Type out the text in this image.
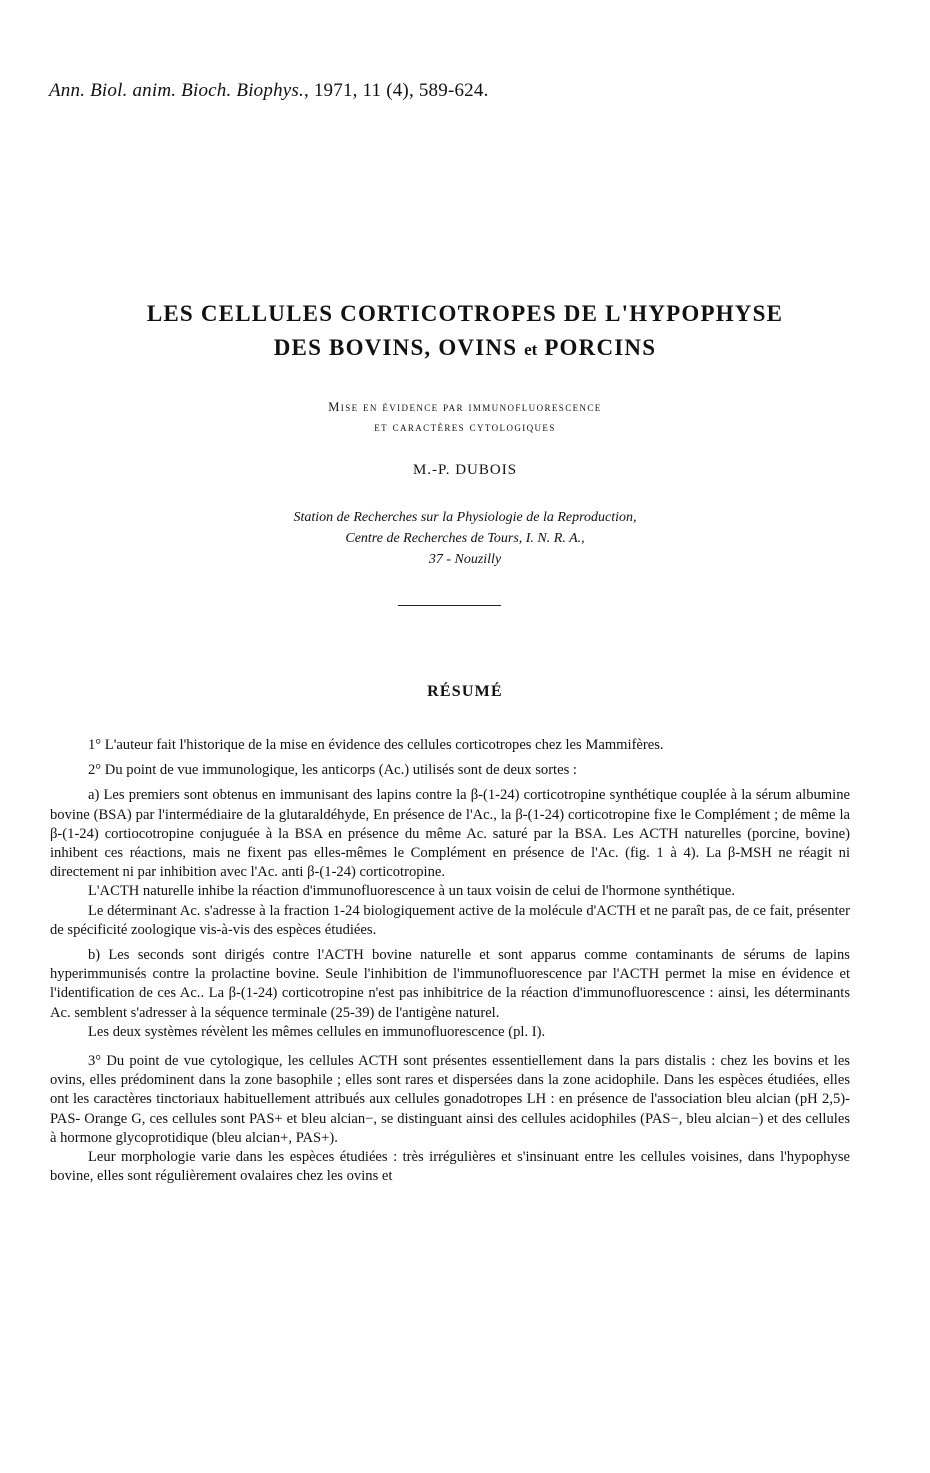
Ann. Biol. anim. Bioch. Biophys., 1971, 11 (4), 589-624.
LES CELLULES CORTICOTROPES DE L'HYPOPHYSE
DES BOVINS, OVINS et PORCINS
Mise en évidence par immunofluorescence
et caractères cytologiques
M.-P. DUBOIS
Station de Recherches sur la Physiologie de la Reproduction,
Centre de Recherches de Tours, I. N. R. A.,
37 - Nouzilly
RÉSUMÉ

1° L'auteur fait l'historique de la mise en évidence des cellules corticotropes chez les Mammifères.

2° Du point de vue immunologique, les anticorps (Ac.) utilisés sont de deux sortes :

a) Les premiers sont obtenus en immunisant des lapins contre la β-(1-24) corticotropine synthétique couplée à la sérum albumine bovine (BSA) par l'intermédiaire de la glutaraldéhyde, En présence de l'Ac., la β-(1-24) corticotropine fixe le Complément ; de même la β-(1-24) cortiocotropine conjuguée à la BSA en présence du même Ac. saturé par la BSA. Les ACTH naturelles (porcine, bovine) inhibent ces réactions, mais ne fixent pas elles-mêmes le Complément en présence de l'Ac. (fig. 1 à 4). La β-MSH ne réagit ni directement ni par inhibition avec l'Ac. anti β-(1-24) corticotropine.

L'ACTH naturelle inhibe la réaction d'immunofluorescence à un taux voisin de celui de l'hormone synthétique.

Le déterminant Ac. s'adresse à la fraction 1-24 biologiquement active de la molécule d'ACTH et ne paraît pas, de ce fait, présenter de spécificité zoologique vis-à-vis des espèces étudiées.

b) Les seconds sont dirigés contre l'ACTH bovine naturelle et sont apparus comme contaminants de sérums de lapins hyperimmunisés contre la prolactine bovine. Seule l'inhibition de l'immunofluorescence par l'ACTH permet la mise en évidence et l'identification de ces Ac.. La β-(1-24) corticotropine n'est pas inhibitrice de la réaction d'immunofluorescence : ainsi, les déterminants Ac. semblent s'adresser à la séquence terminale (25-39) de l'antigène naturel.

Les deux systèmes révèlent les mêmes cellules en immunofluorescence (pl. I).

3° Du point de vue cytologique, les cellules ACTH sont présentes essentiellement dans la pars distalis : chez les bovins et les ovins, elles prédominent dans la zone basophile ; elles sont rares et dispersées dans la zone acidophile. Dans les espèces étudiées, elles ont les caractères tinctoriaux habituellement attribués aux cellules gonadotropes LH : en présence de l'association bleu alcian (pH 2,5)- PAS- Orange G, ces cellules sont PAS+ et bleu alcian−, se distinguant ainsi des cellules acidophiles (PAS−, bleu alcian−) et des cellules à hormone glycoprotidique (bleu alcian+, PAS+).

Leur morphologie varie dans les espèces étudiées : très irrégulières et s'insinuant entre les cellules voisines, dans l'hypophyse bovine, elles sont régulièrement ovalaires chez les ovins et
